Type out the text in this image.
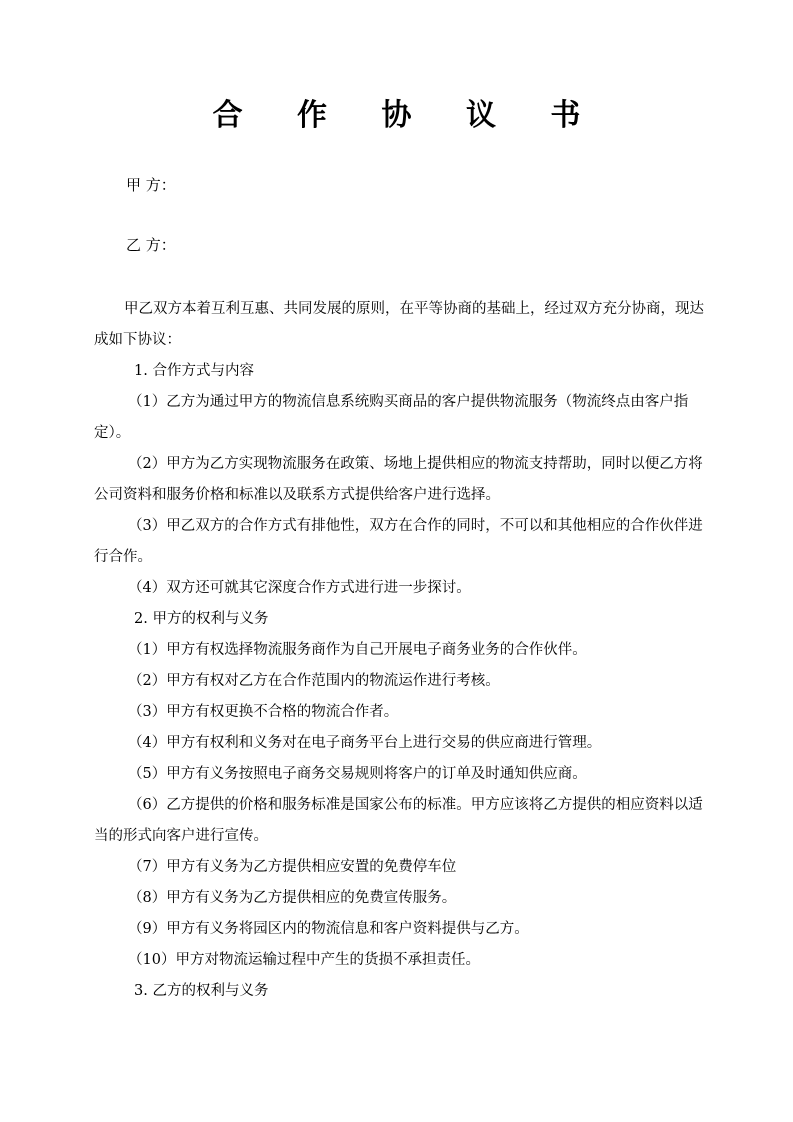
合 作 协 议 书

甲 方：

乙 方：

甲乙双方本着互利互惠、共同发展的原则，在平等协商的基础上，经过双方充分协商，现达成如下协议：

1. 合作方式与内容

（1）乙方为通过甲方的物流信息系统购买商品的客户提供物流服务（物流终点由客户指定）。

（2）甲方为乙方实现物流服务在政策、场地上提供相应的物流支持帮助，同时以便乙方将公司资料和服务价格和标准以及联系方式提供给客户进行选择。

（3）甲乙双方的合作方式有排他性，双方在合作的同时，不可以和其他相应的合作伙伴进行合作。

（4）双方还可就其它深度合作方式进行进一步探讨。

2. 甲方的权利与义务

（1）甲方有权选择物流服务商作为自己开展电子商务业务的合作伙伴。

（2）甲方有权对乙方在合作范围内的物流运作进行考核。

（3）甲方有权更换不合格的物流合作者。

（4）甲方有权利和义务对在电子商务平台上进行交易的供应商进行管理。

（5）甲方有义务按照电子商务交易规则将客户的订单及时通知供应商。

（6）乙方提供的价格和服务标准是国家公布的标准。甲方应该将乙方提供的相应资料以适当的形式向客户进行宣传。

（7）甲方有义务为乙方提供相应安置的免费停车位

（8）甲方有义务为乙方提供相应的免费宣传服务。

（9）甲方有义务将园区内的物流信息和客户资料提供与乙方。

（10）甲方对物流运输过程中产生的货损不承担责任。

3. 乙方的权利与义务
